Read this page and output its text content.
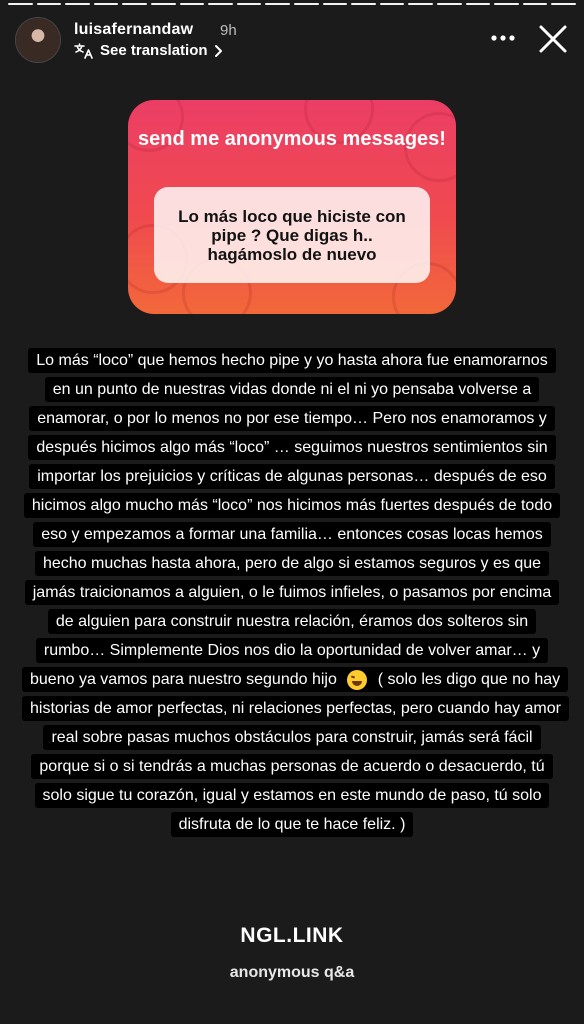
luisafernandaw 9h
See translation
send me anonymous messages!
Lo más loco que hiciste con pipe ? Que digas h.. hagámoslo de nuevo
Lo más “loco” que hemos hecho pipe y yo hasta ahora fue enamorarnos en un punto de nuestras vidas donde ni el ni yo pensaba volverse a enamorar, o por lo menos no por ese tiempo… Pero nos enamoramos y después hicimos algo más “loco” … seguimos nuestros sentimientos sin importar los prejuicios y críticas de algunas personas… después de eso hicimos algo mucho más “loco” nos hicimos más fuertes después de todo eso y empezamos a formar una familia… entonces cosas locas hemos hecho muchas hasta ahora, pero de algo si estamos seguros y es que jamás traicionamos a alguien, o le fuimos infieles, o pasamos por encima de alguien para construir nuestra relación, éramos dos solteros sin rumbo… Simplemente Dios nos dio la oportunidad de volver amar… y bueno ya vamos para nuestro segundo hijo  ( solo les digo que no hay historias de amor perfectas, ni relaciones perfectas, pero cuando hay amor real sobre pasas muchos obstáculos para construir, jamás será fácil porque si o si tendrás a muchas personas de acuerdo o desacuerdo, tú solo sigue tu corazón, igual y estamos en este mundo de paso, tú solo disfruta de lo que te hace feliz. )
NGL.LINK
anonymous q&a
